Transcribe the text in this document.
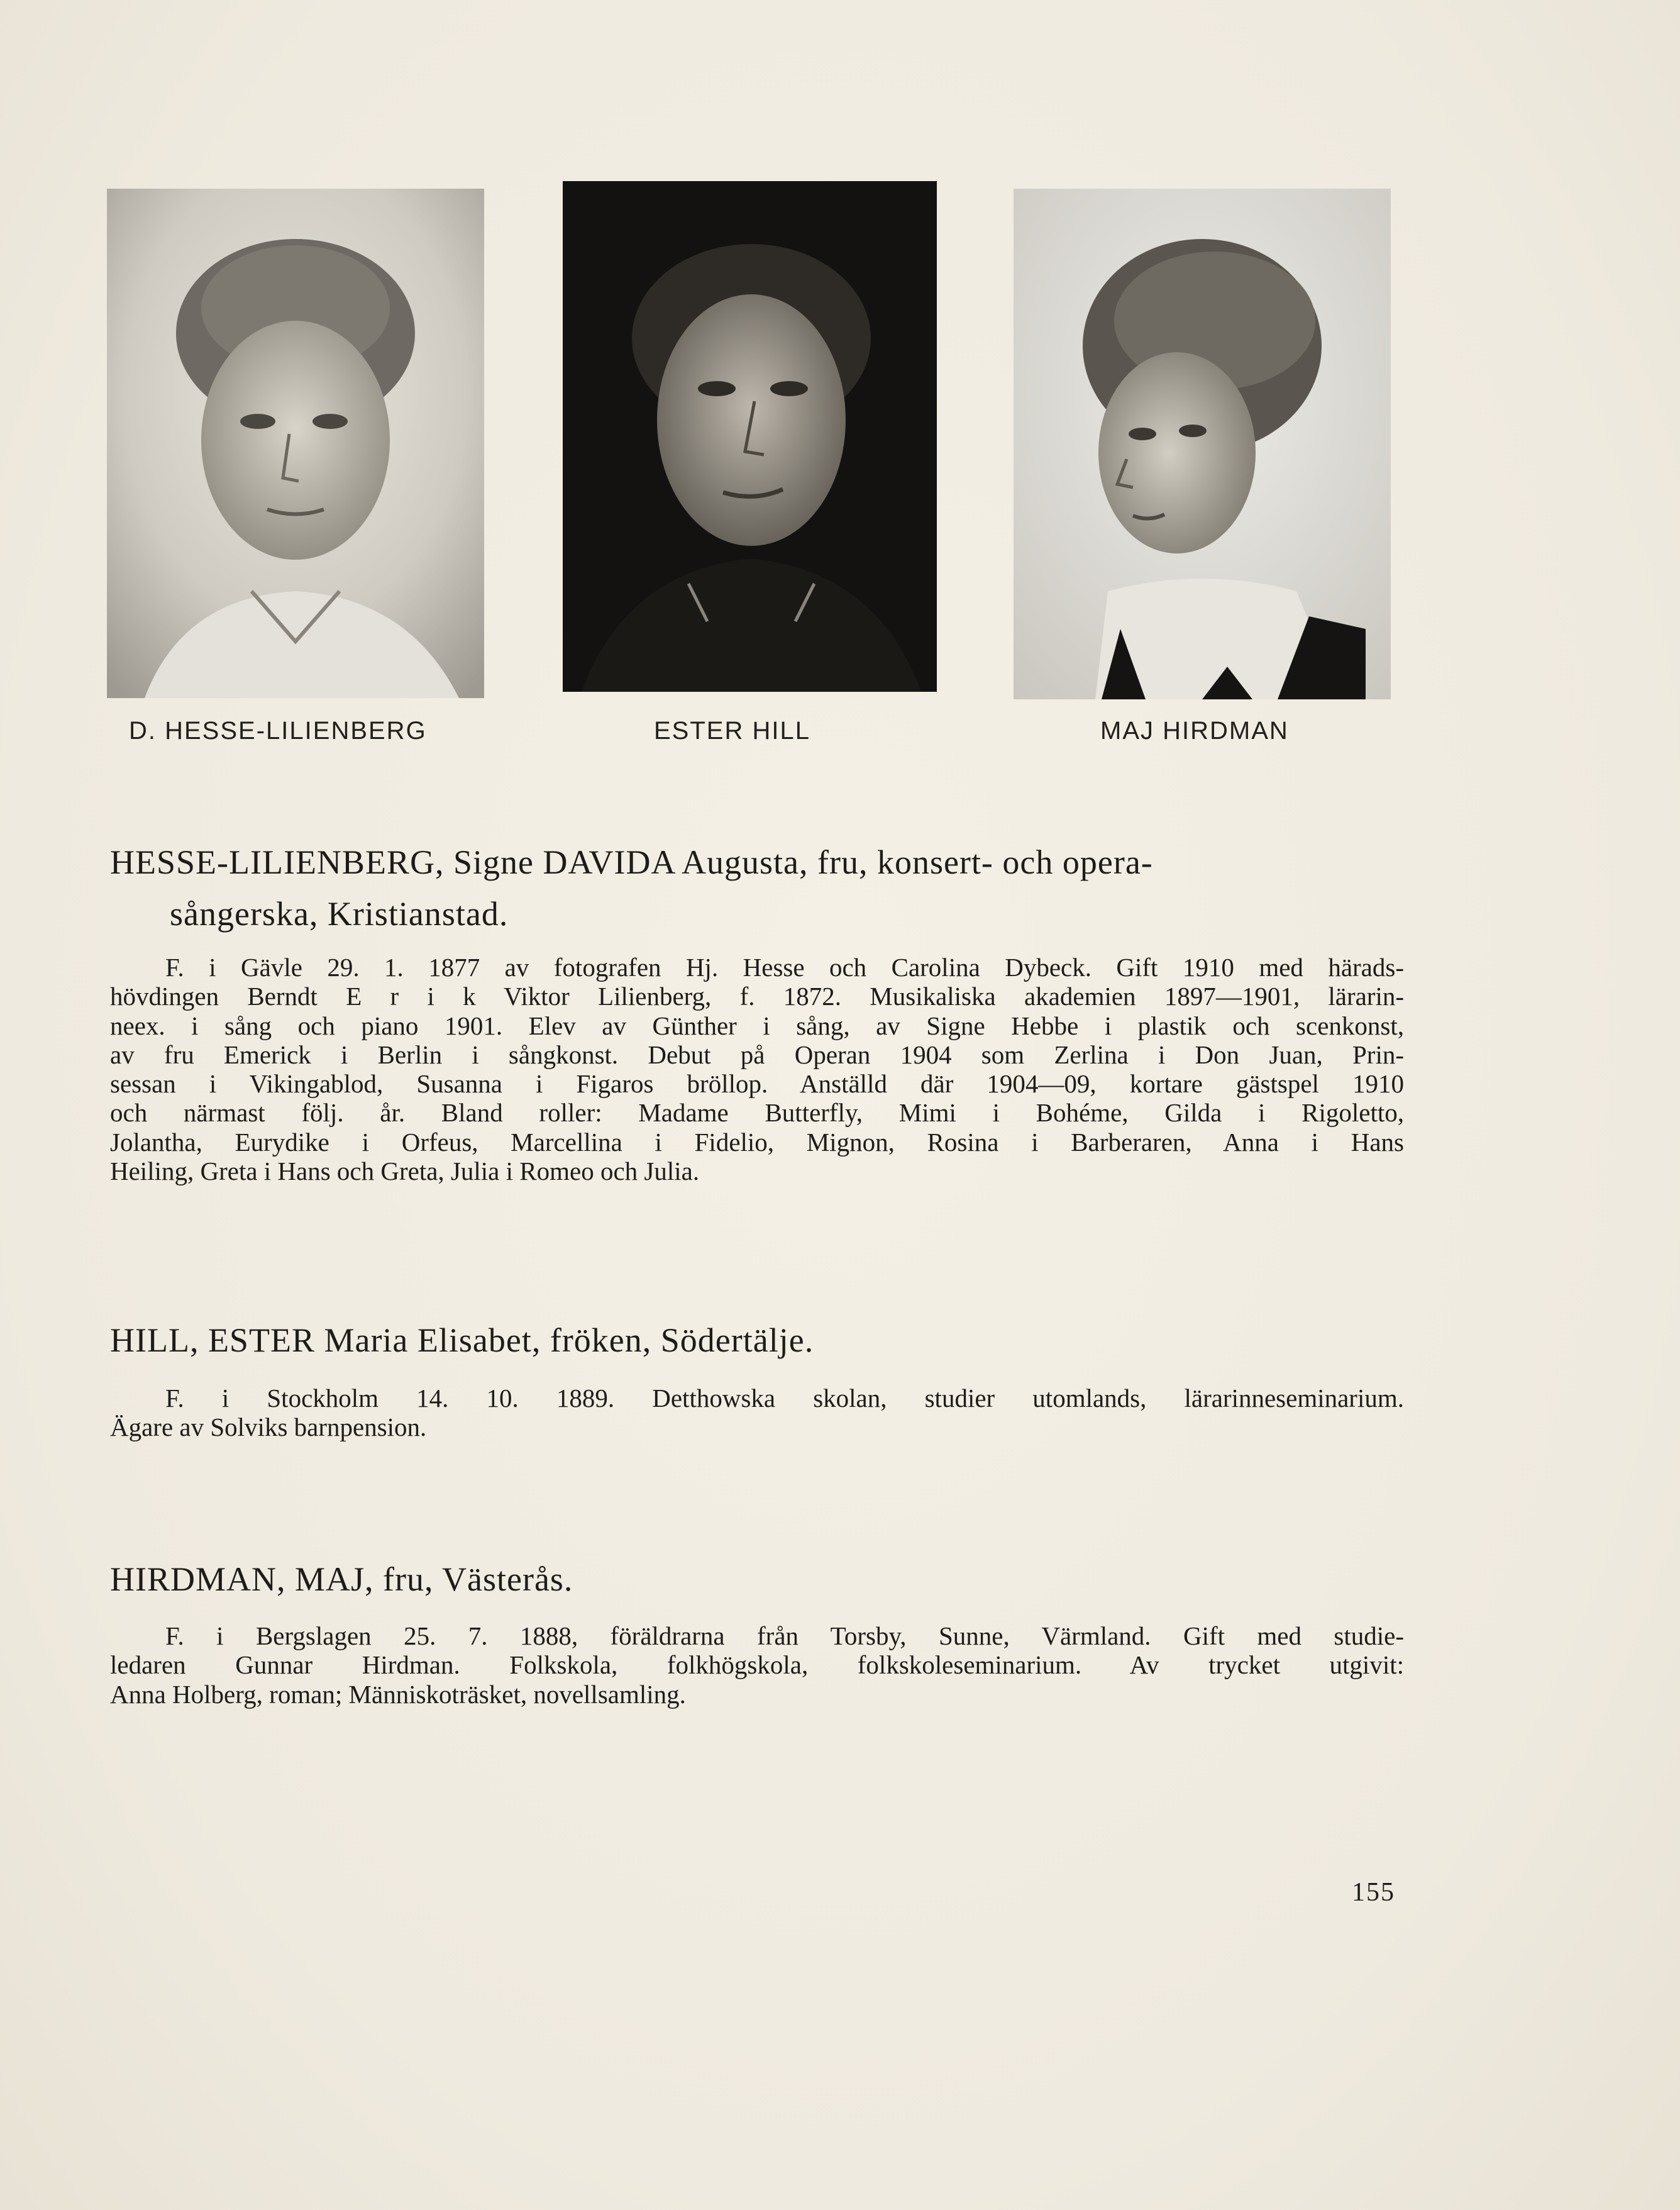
D. HESSE-LILIENBERG	ESTER HILL	MAJ HIRDMAN
HESSE-LILIENBERG, Signe DAVIDA Augusta, fru, konsert- och opera-
sångerska, Kristianstad.
F. i Gävle 29. 1. 1877 av fotografen Hj. Hesse och Carolina Dybeck. Gift 1910 med härads-
hövdingen Berndt E r i k Viktor Lilienberg, f. 1872. Musikaliska akademien 1897—1901, lärarin-
neex. i sång och piano 1901. Elev av Günther i sång, av Signe Hebbe i plastik och scenkonst,
av fru Emerick i Berlin i sångkonst. Debut på Operan 1904 som Zerlina i Don Juan, Prin-
sessan i Vikingablod, Susanna i Figaros bröllop. Anställd där 1904—09, kortare gästspel 1910
och närmast följ. år. Bland roller: Madame Butterfly, Mimi i Bohéme, Gilda i Rigoletto,
Jolantha, Eurydike i Orfeus, Marcellina i Fidelio, Mignon, Rosina i Barberaren, Anna i Hans
Heiling, Greta i Hans och Greta, Julia i Romeo och Julia.
HILL, ESTER Maria Elisabet, fröken, Södertälje.
F. i Stockholm 14. 10. 1889. Detthowska skolan, studier utomlands, lärarinneseminarium.
Ägare av Solviks barnpension.
HIRDMAN, MAJ, fru, Västerås.
F. i Bergslagen 25. 7. 1888, föräldrarna från Torsby, Sunne, Värmland. Gift med studie-
ledaren Gunnar Hirdman. Folkskola, folkhögskola, folkskoleseminarium. Av trycket utgivit:
Anna Holberg, roman; Människoträsket, novellsamling.
155
